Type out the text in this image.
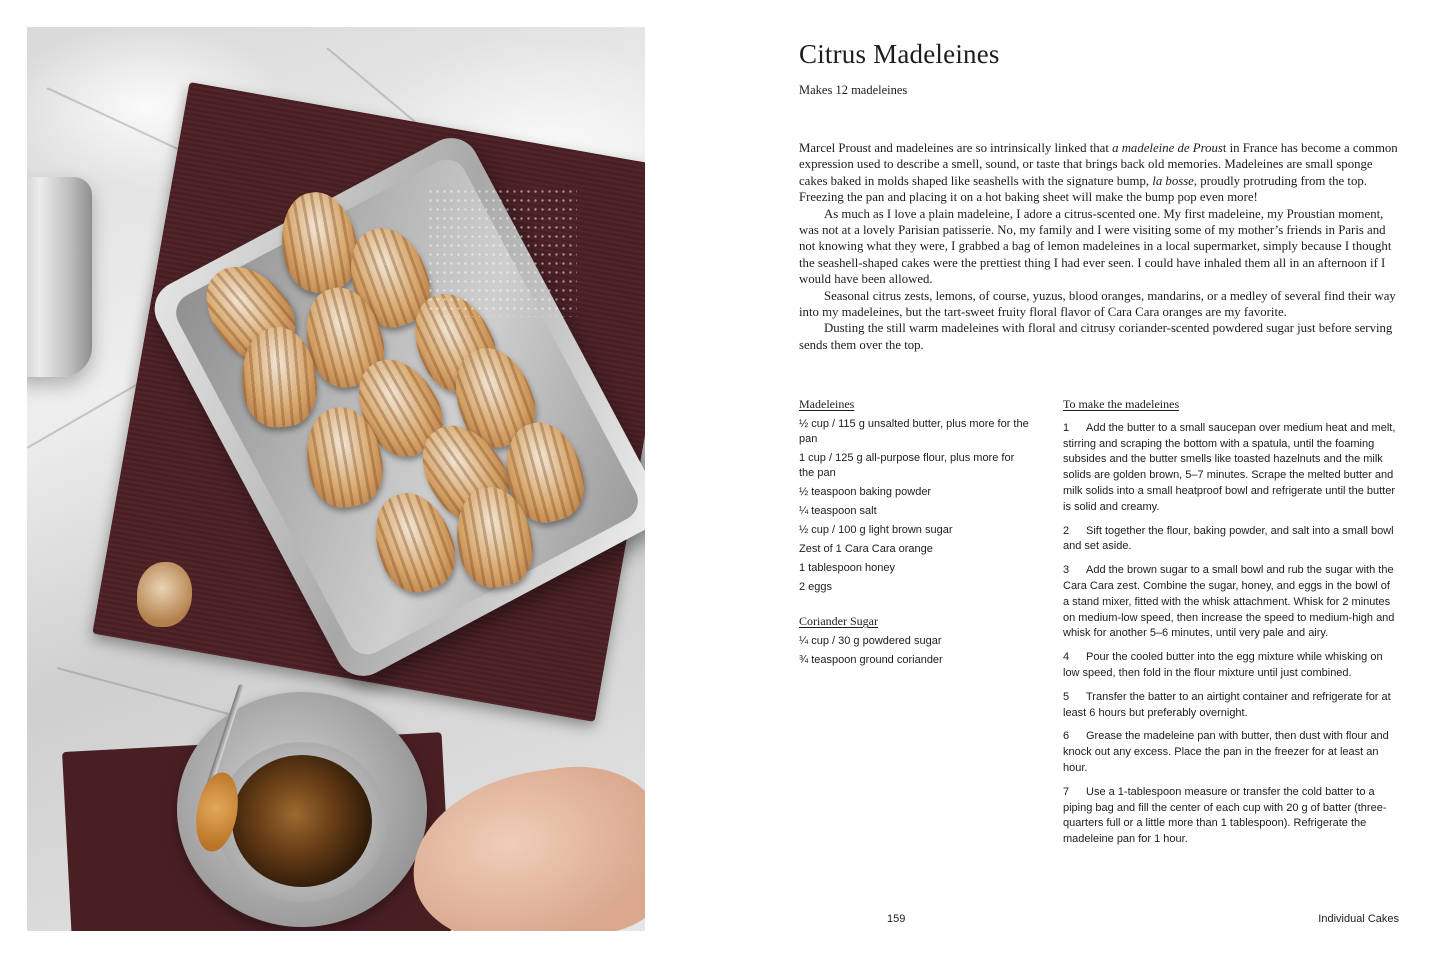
Citrus Madeleines
Makes 12 madeleines

Marcel Proust and madeleines are so intrinsically linked that a madeleine de Proust in France has become a common expression used to describe a smell, sound, or taste that brings back old memories. Madeleines are small sponge cakes baked in molds shaped like seashells with the signature bump, la bosse, proudly protruding from the top. Freezing the pan and placing it on a hot baking sheet will make the bump pop even more!

As much as I love a plain madeleine, I adore a citrus-scented one. My first madeleine, my Proustian moment, was not at a lovely Parisian patisserie. No, my family and I were visiting some of my mother’s friends in Paris and not knowing what they were, I grabbed a bag of lemon madeleines in a local supermarket, simply because I thought the seashell-shaped cakes were the prettiest thing I had ever seen. I could have inhaled them all in an afternoon if I would have been allowed.

Seasonal citrus zests, lemons, of course, yuzus, blood oranges, mandarins, or a medley of several find their way into my madeleines, but the tart-sweet fruity floral flavor of Cara Cara oranges are my favorite.

Dusting the still warm madeleines with floral and citrusy coriander-scented powdered sugar just before serving sends them over the top.

Madeleines

½ cup / 115 g unsalted butter, plus more for the pan
1 cup / 125 g all-purpose flour, plus more for the pan
½ teaspoon baking powder
¼ teaspoon salt
½ cup / 100 g light brown sugar
Zest of 1 Cara Cara orange
1 tablespoon honey
2 eggs

Coriander Sugar

¼ cup / 30 g powdered sugar
¾ teaspoon ground coriander

To make the madeleines

1 Add the butter to a small saucepan over medium heat and melt, stirring and scraping the bottom with a spatula, until the foaming subsides and the butter smells like toasted hazelnuts and the milk solids are golden brown, 5–7 minutes. Scrape the melted butter and milk solids into a small heatproof bowl and refrigerate until the butter is solid and creamy.
2 Sift together the flour, baking powder, and salt into a small bowl and set aside.
3 Add the brown sugar to a small bowl and rub the sugar with the Cara Cara zest. Combine the sugar, honey, and eggs in the bowl of a stand mixer, fitted with the whisk attachment. Whisk for 2 minutes on medium-low speed, then increase the speed to medium-high and whisk for another 5–6 minutes, until very pale and airy.
4 Pour the cooled butter into the egg mixture while whisking on low speed, then fold in the flour mixture until just combined.
5 Transfer the batter to an airtight container and refrigerate for at least 6 hours but preferably overnight.
6 Grease the madeleine pan with butter, then dust with flour and knock out any excess. Place the pan in the freezer for at least an hour.
7 Use a 1-tablespoon measure or transfer the cold batter to a piping bag and fill the center of each cup with 20 g of batter (three-quarters full or a little more than 1 tablespoon). Refrigerate the madeleine pan for 1 hour.
159	Individual Cakes
